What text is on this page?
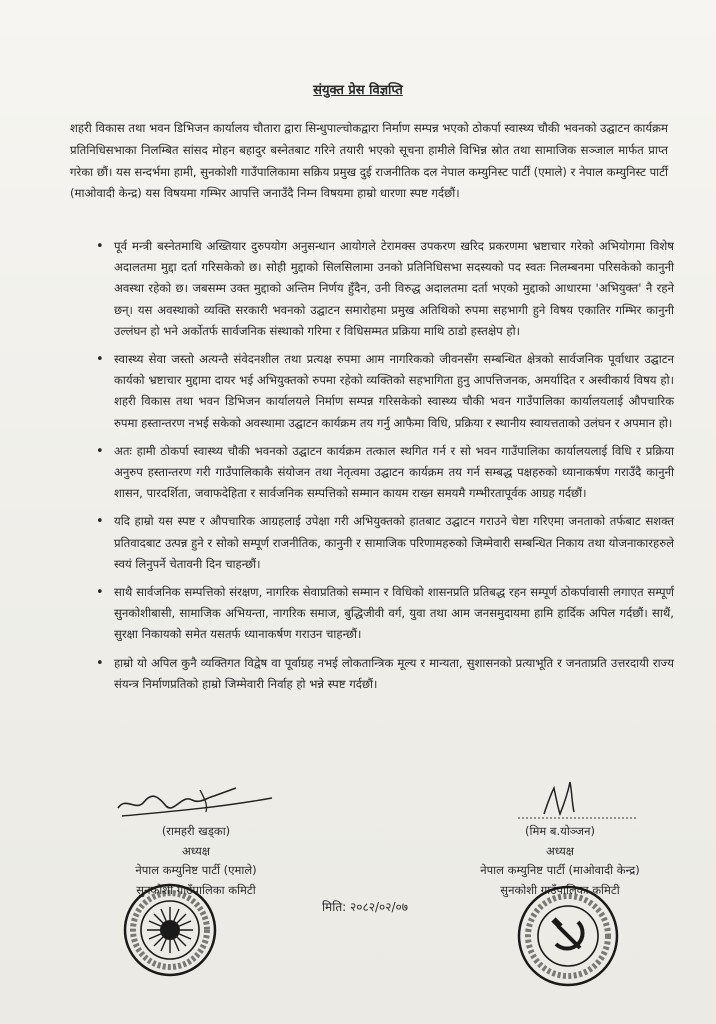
संयुक्त प्रेस विज्ञप्ति
शहरी विकास तथा भवन डिभिजन कार्यालय चौतारा द्वारा सिन्धुपाल्चोकद्वारा निर्माण सम्पन्न भएको ठोकर्पा स्वास्थ्य चौकी भवनको उद्घाटन कार्यक्रम प्रतिनिधिसभाका निलम्बित सांसद मोहन बहादुर बस्नेतबाट गरिने तयारी भएको सूचना हामीले विभिन्न स्रोत तथा सामाजिक सञ्जाल मार्फत प्राप्त गरेका छौं। यस सन्दर्भमा हामी, सुनकोशी गाउँपालिकामा सक्रिय प्रमुख दुई राजनीतिक दल नेपाल कम्युनिस्ट पार्टी (एमाले) र नेपाल कम्युनिस्ट पार्टी (माओवादी केन्द्र) यस विषयमा गम्भिर आपत्ति जनाउँदै निम्न विषयमा हाम्रो धारणा स्पष्ट गर्दछौं।
• पूर्व मन्त्री बस्नेतमाथि अख्तियार दुरुपयोग अनुसन्धान आयोगले टेरामक्स उपकरण खरिद प्रकरणमा भ्रष्टाचार गरेको अभियोगमा विशेष अदालतमा मुद्दा दर्ता गरिसकेको छ। सोही मुद्दाको सिलसिलामा उनको प्रतिनिधिसभा सदस्यको पद स्वतः निलम्बनमा परिसकेको कानुनी अवस्था रहेको छ। जबसम्म उक्त मुद्दाको अन्तिम निर्णय हुँदैन, उनी विरुद्ध अदालतमा दर्ता भएको मुद्दाको आधारमा 'अभियुक्त' नै रहने छन्। यस अवस्थाको व्यक्ति सरकारी भवनको उद्घाटन समारोहमा प्रमुख अतिथिको रुपमा सहभागी हुने विषय एकातिर गम्भिर कानुनी उल्लंघन हो भने अर्कोतर्फ सार्वजनिक संस्थाको गरिमा र विधिसम्मत प्रक्रिया माथि ठाडो हस्तक्षेप हो।
• स्वास्थ्य सेवा जस्तो अत्यन्तै संवेदनशील तथा प्रत्यक्ष रुपमा आम नागरिकको जीवनसँग सम्बन्धित क्षेत्रको सार्वजनिक पूर्वाधार उद्घाटन कार्यको भ्रष्टाचार मुद्दामा दायर भई अभियुक्तको रुपमा रहेको व्यक्तिको सहभागिता हुनु आपत्तिजनक, अमर्यादित र अस्वीकार्य विषय हो। शहरी विकास तथा भवन डिभिजन कार्यालयले निर्माण सम्पन्न गरिसकेको स्वास्थ्य चौकी भवन गाउँपालिका कार्यालयलाई औपचारिक रुपमा हस्तान्तरण नभई सकेको अवस्थामा उद्घाटन कार्यक्रम तय गर्नु आफैमा विधि, प्रक्रिया र स्थानीय स्वायत्तताको उलंघन र अपमान हो।
• अतः हामी ठोकर्पा स्वास्थ्य चौकी भवनको उद्घाटन कार्यक्रम तत्काल स्थगित गर्न र सो भवन गाउँपालिका कार्यालयलाई विधि र प्रक्रिया अनुरुप हस्तान्तरण गरी गाउँपालिकाकै संयोजन तथा नेतृत्वमा उद्घाटन कार्यक्रम तय गर्न सम्बद्ध पक्षहरुको ध्यानाकर्षण गराउँदै कानुनी शासन, पारदर्शिता, जवाफदेहिता र सार्वजनिक सम्पत्तिको सम्मान कायम राख्न समयमै गम्भीरतापूर्वक आग्रह गर्दछौं।
• यदि हाम्रो यस स्पष्ट र औपचारिक आग्रहलाई उपेक्षा गरी अभियुक्तको हातबाट उद्घाटन गराउने चेष्टा गरिएमा जनताको तर्फबाट सशक्त प्रतिवादबाट उत्पन्न हुने र सोको सम्पूर्ण राजनीतिक, कानुनी र सामाजिक परिणामहरुको जिम्मेवारी सम्बन्धित निकाय तथा योजनाकारहरुले स्वयं लिनुपर्ने चेतावनी दिन चाहन्छौं।
• साथै सार्वजनिक सम्पत्तिको संरक्षण, नागरिक सेवाप्रतिको सम्मान र विधिको शासनप्रति प्रतिबद्ध रहन सम्पूर्ण ठोकर्पावासी लगाएत सम्पूर्ण सुनकोशीबासी, सामाजिक अभियन्ता, नागरिक समाज, बुद्धिजीवी वर्ग, युवा तथा आम जनसमुदायमा हामि हार्दिक अपिल गर्दछौं। साथैं, सुरक्षा निकायको समेत यसतर्फ ध्यानाकर्षण गराउन चाहन्छौं।
• हाम्रो यो अपिल कुनै व्यक्तिगत विद्वेष वा पूर्वाग्रह नभई लोकतान्त्रिक मूल्य र मान्यता, सुशासनको प्रत्याभूति र जनताप्रति उत्तरदायी राज्य संयन्त्र निर्माणप्रतिको हाम्रो जिम्मेवारी निर्वाह हो भन्ने स्पष्ट गर्दछौं।
(रामहरी खड्का)
अध्यक्ष
नेपाल कम्युनिष्ट पार्टी (एमाले)
सुनकोशी गाउँपालिका कमिटी
(मिम ब.योञ्जन)
अध्यक्ष
नेपाल कम्युनिष्ट पार्टी (माओवादी केन्द्र)
सुनकोशी गाउँपालिका कमिटी
मिति: २०८२/०२/०७
